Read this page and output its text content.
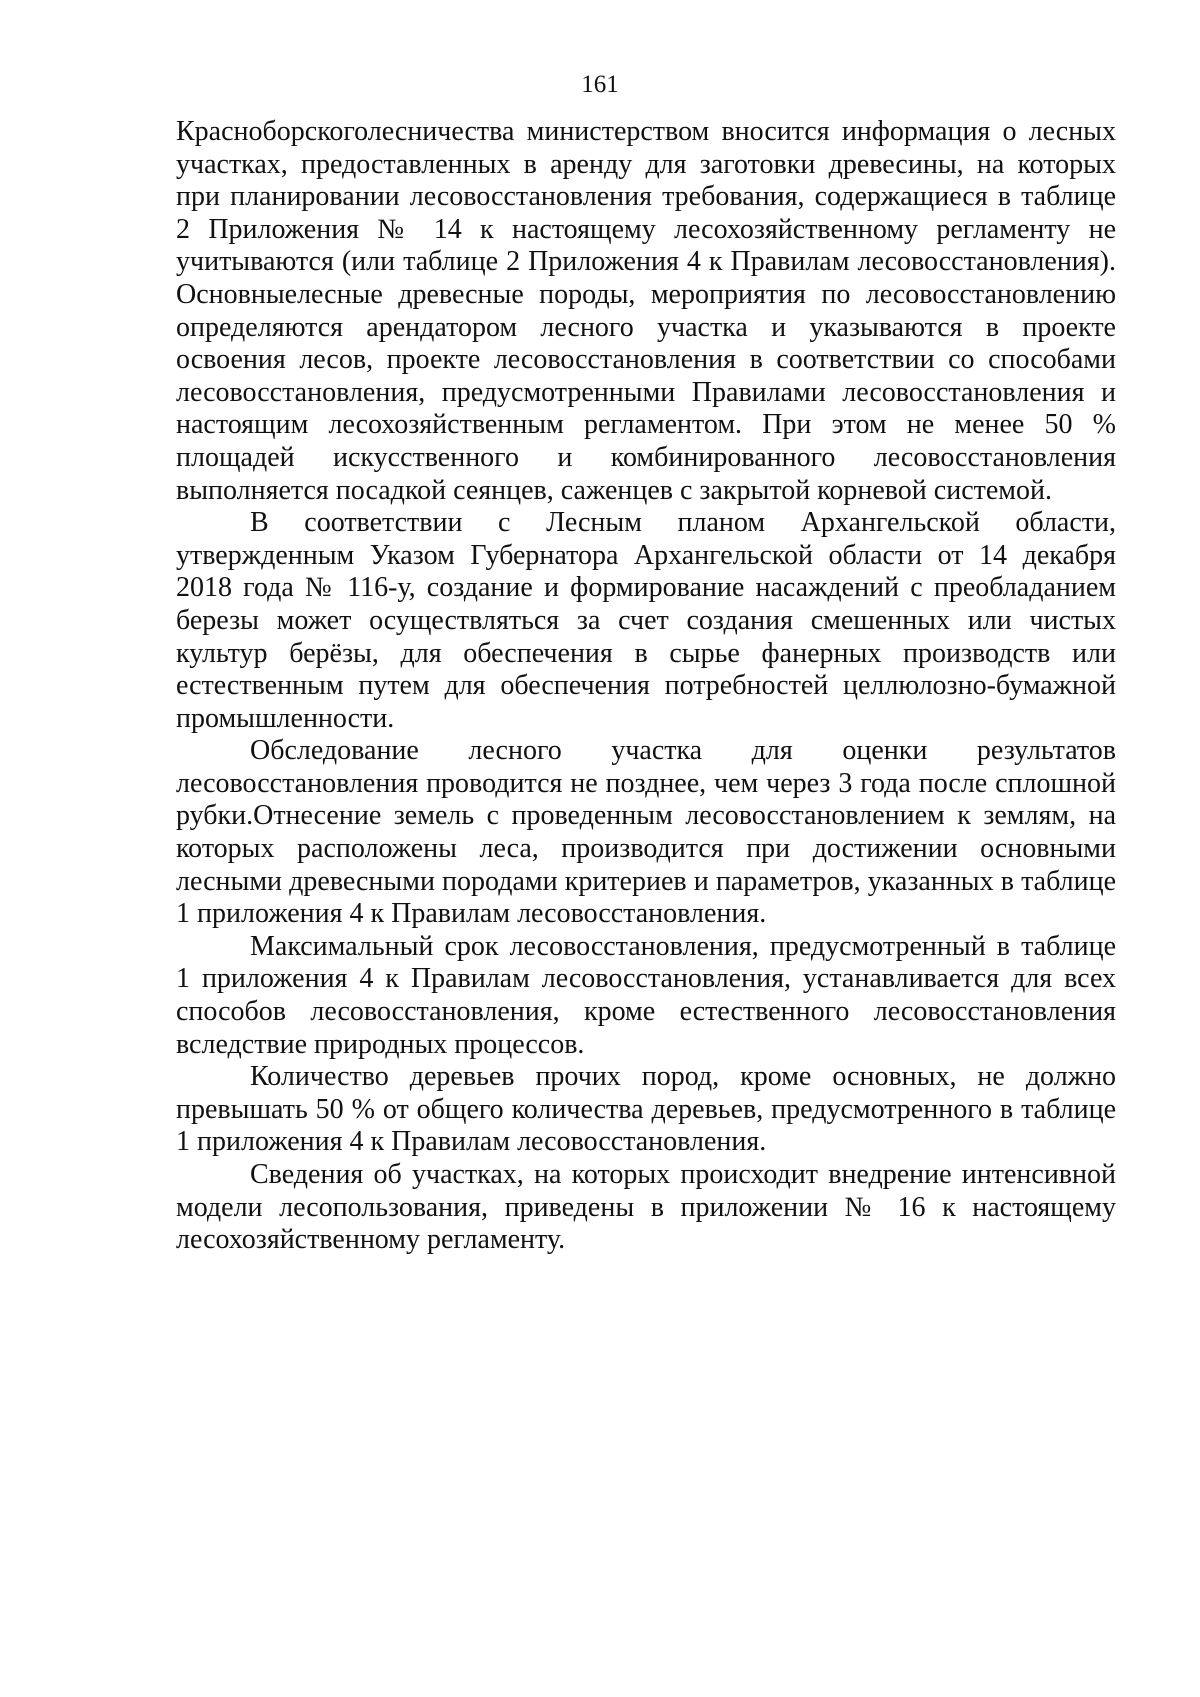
161

Красноборскоголесничества министерством вносится информация о лесных участках, предоставленных в аренду для заготовки древесины, на которых при планировании лесовосстановления требования, содержащиеся в таблице 2 Приложения № 14 к настоящему лесохозяйственному регламенту не учитываются (или таблице 2 Приложения 4 к Правилам лесовосстановления). Основныелесные древесные породы, мероприятия по лесовосстановлению определяются арендатором лесного участка и указываются в проекте освоения лесов, проекте лесовосстановления в соответствии со способами лесовосстановления, предусмотренными Правилами лесовосстановления и настоящим лесохозяйственным регламентом. При этом не менее 50 % площадей искусственного и комбинированного лесовосстановления выполняется посадкой сеянцев, саженцев с закрытой корневой системой.

В соответствии с Лесным планом Архангельской области, утвержденным Указом Губернатора Архангельской области от 14 декабря 2018 года № 116-у, создание и формирование насаждений с преобладанием березы может осуществляться за счет создания смешенных или чистых культур берёзы, для обеспечения в сырье фанерных производств или естественным путем для обеспечения потребностей целлюлозно-бумажной промышленности.

Обследование лесного участка для оценки результатов лесовосстановления проводится не позднее, чем через 3 года после сплошной рубки.Отнесение земель с проведенным лесовосстановлением к землям, на которых расположены леса, производится при достижении основными лесными древесными породами критериев и параметров, указанных в таблице 1 приложения 4 к Правилам лесовосстановления.

Максимальный срок лесовосстановления, предусмотренный в таблице 1 приложения 4 к Правилам лесовосстановления, устанавливается для всех способов лесовосстановления, кроме естественного лесовосстановления вследствие природных процессов.

Количество деревьев прочих пород, кроме основных, не должно превышать 50 % от общего количества деревьев, предусмотренного в таблице 1 приложения 4 к Правилам лесовосстановления.

Сведения об участках, на которых происходит внедрение интенсивной модели лесопользования, приведены в приложении № 16 к настоящему лесохозяйственному регламенту.
